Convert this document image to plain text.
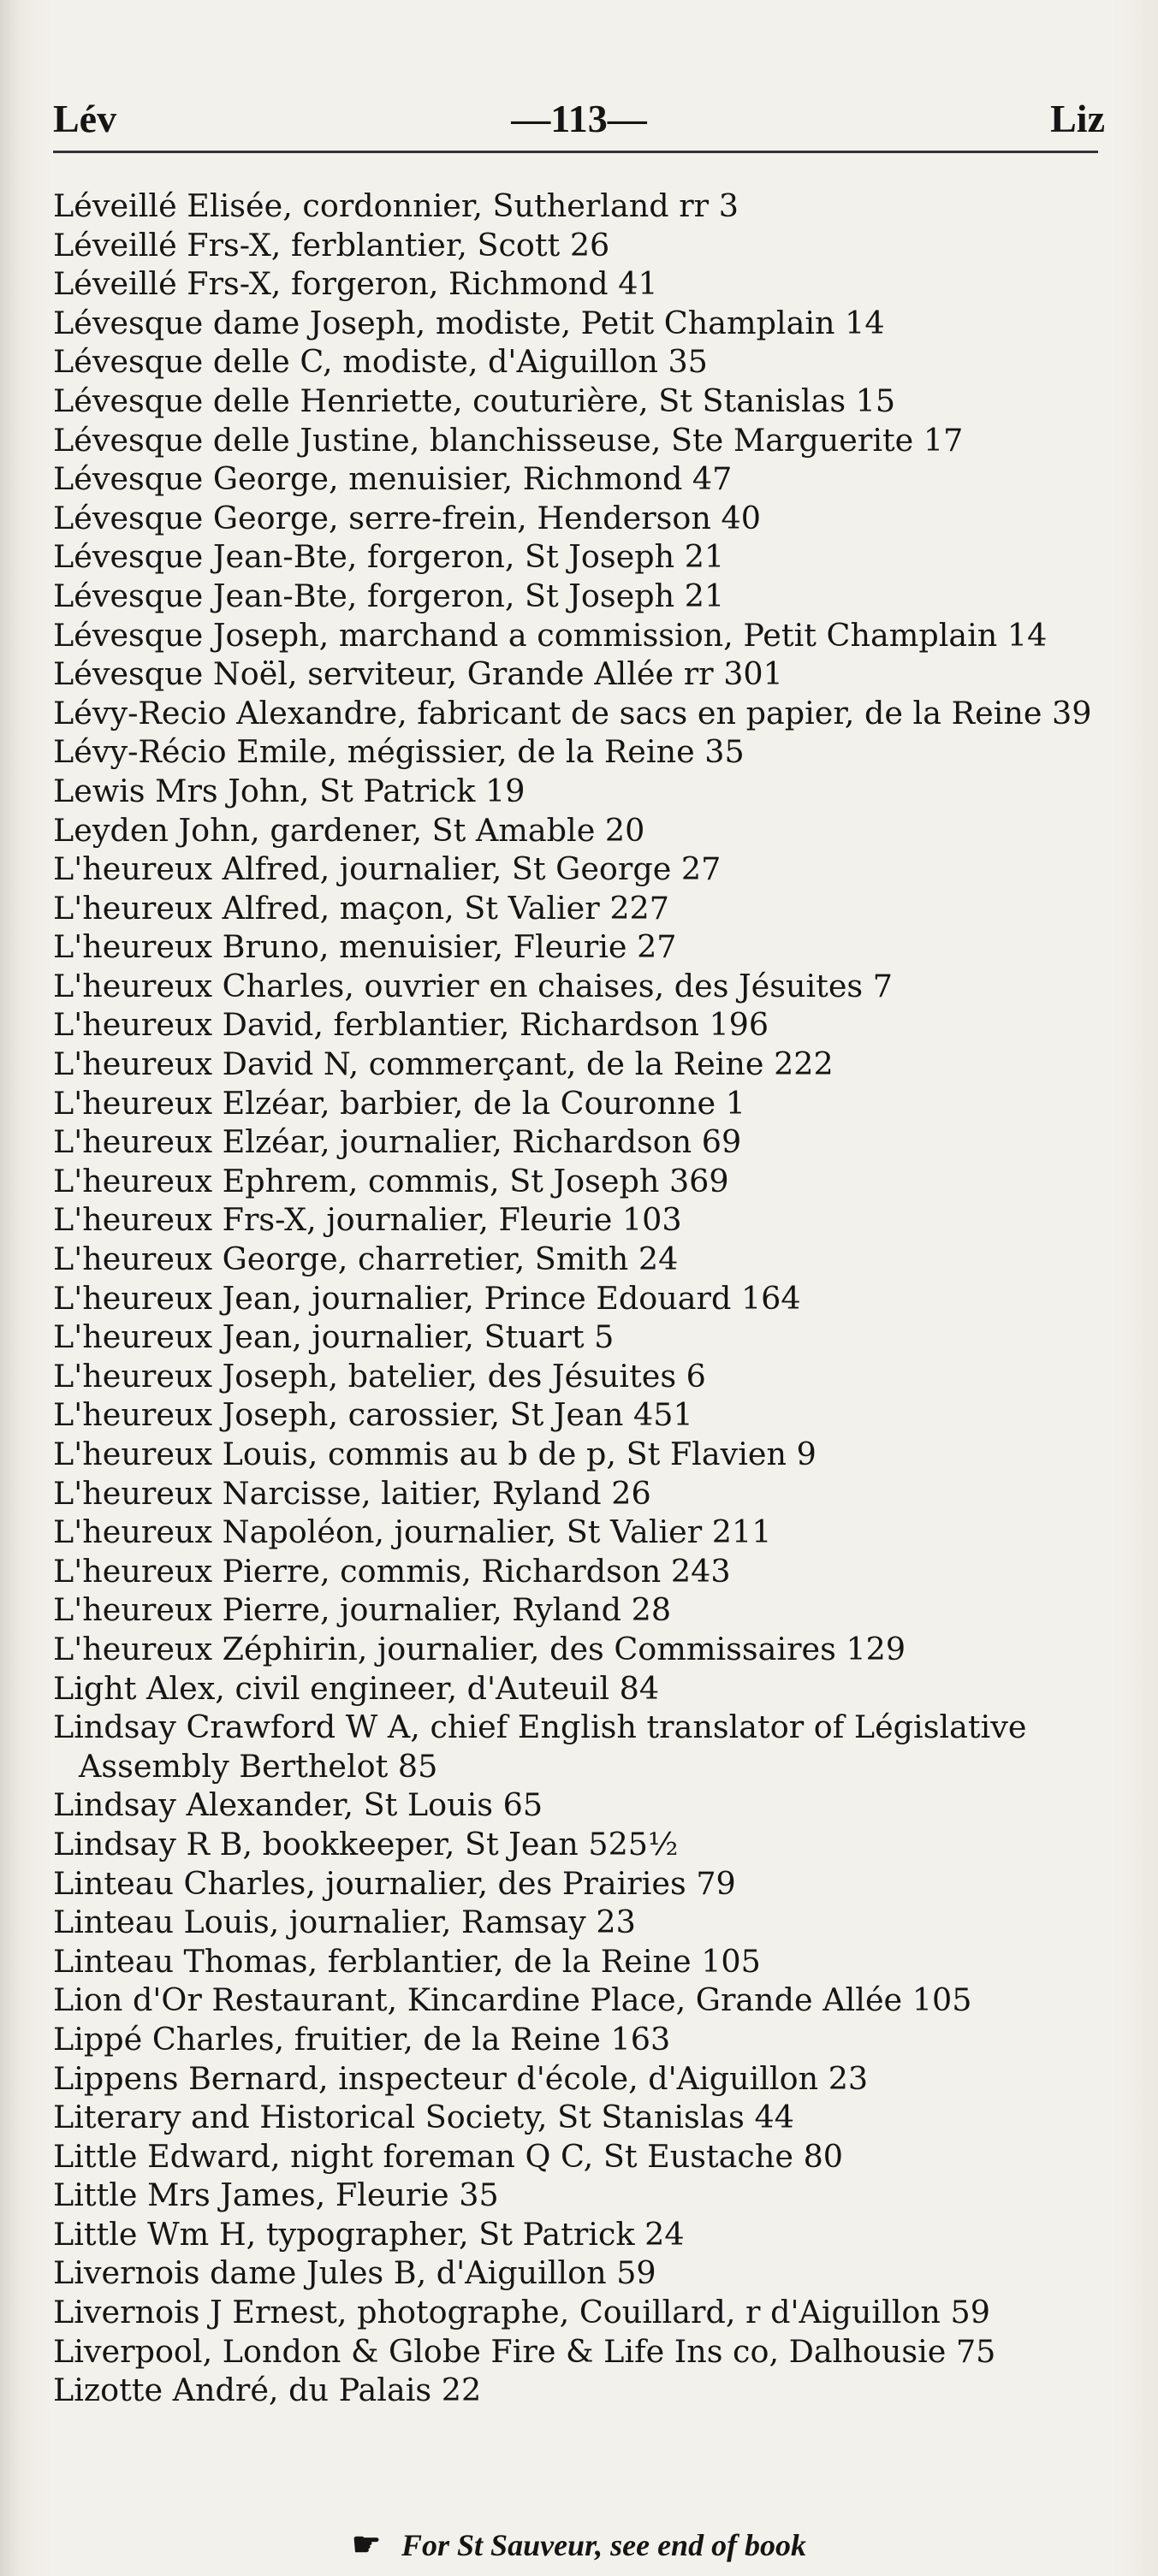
Lév	—113—	Liz
Léveillé Elisée, cordonnier, Sutherland rr 3
Léveillé Frs-X, ferblantier, Scott 26
Léveillé Frs-X, forgeron, Richmond 41
Lévesque dame Joseph, modiste, Petit Champlain 14
Lévesque delle C, modiste, d'Aiguillon 35
Lévesque delle Henriette, couturière, St Stanislas 15
Lévesque delle Justine, blanchisseuse, Ste Marguerite 17
Lévesque George, menuisier, Richmond 47
Lévesque George, serre-frein, Henderson 40
Lévesque Jean-Bte, forgeron, St Joseph 21
Lévesque Jean-Bte, forgeron, St Joseph 21
Lévesque Joseph, marchand a commission, Petit Champlain 14
Lévesque Noël, serviteur, Grande Allée rr 301
Lévy-Recio Alexandre, fabricant de sacs en papier, de la Reine 39
Lévy-Récio Emile, mégissier, de la Reine 35
Lewis Mrs John, St Patrick 19
Leyden John, gardener, St Amable 20
L'heureux Alfred, journalier, St George 27
L'heureux Alfred, maçon, St Valier 227
L'heureux Bruno, menuisier, Fleurie 27
L'heureux Charles, ouvrier en chaises, des Jésuites 7
L'heureux David, ferblantier, Richardson 196
L'heureux David N, commerçant, de la Reine 222
L'heureux Elzéar, barbier, de la Couronne 1
L'heureux Elzéar, journalier, Richardson 69
L'heureux Ephrem, commis, St Joseph 369
L'heureux Frs-X, journalier, Fleurie 103
L'heureux George, charretier, Smith 24
L'heureux Jean, journalier, Prince Edouard 164
L'heureux Jean, journalier, Stuart 5
L'heureux Joseph, batelier, des Jésuites 6
L'heureux Joseph, carossier, St Jean 451
L'heureux Louis, commis au b de p, St Flavien 9
L'heureux Narcisse, laitier, Ryland 26
L'heureux Napoléon, journalier, St Valier 211
L'heureux Pierre, commis, Richardson 243
L'heureux Pierre, journalier, Ryland 28
L'heureux Zéphirin, journalier, des Commissaires 129
Light Alex, civil engineer, d'Auteuil 84
Lindsay Crawford W A, chief English translator of Législative Assembly Berthelot 85
Lindsay Alexander, St Louis 65
Lindsay R B, bookkeeper, St Jean 525½
Linteau Charles, journalier, des Prairies 79
Linteau Louis, journalier, Ramsay 23
Linteau Thomas, ferblantier, de la Reine 105
Lion d'Or Restaurant, Kincardine Place, Grande Allée 105
Lippé Charles, fruitier, de la Reine 163
Lippens Bernard, inspecteur d'école, d'Aiguillon 23
Literary and Historical Society, St Stanislas 44
Little Edward, night foreman Q C, St Eustache 80
Little Mrs James, Fleurie 35
Little Wm H, typographer, St Patrick 24
Livernois dame Jules B, d'Aiguillon 59
Livernois J Ernest, photographe, Couillard, r d'Aiguillon 59
Liverpool, London & Globe Fire & Life Ins co, Dalhousie 75
Lizotte André, du Palais 22
☛ For St Sauveur, see end of book
